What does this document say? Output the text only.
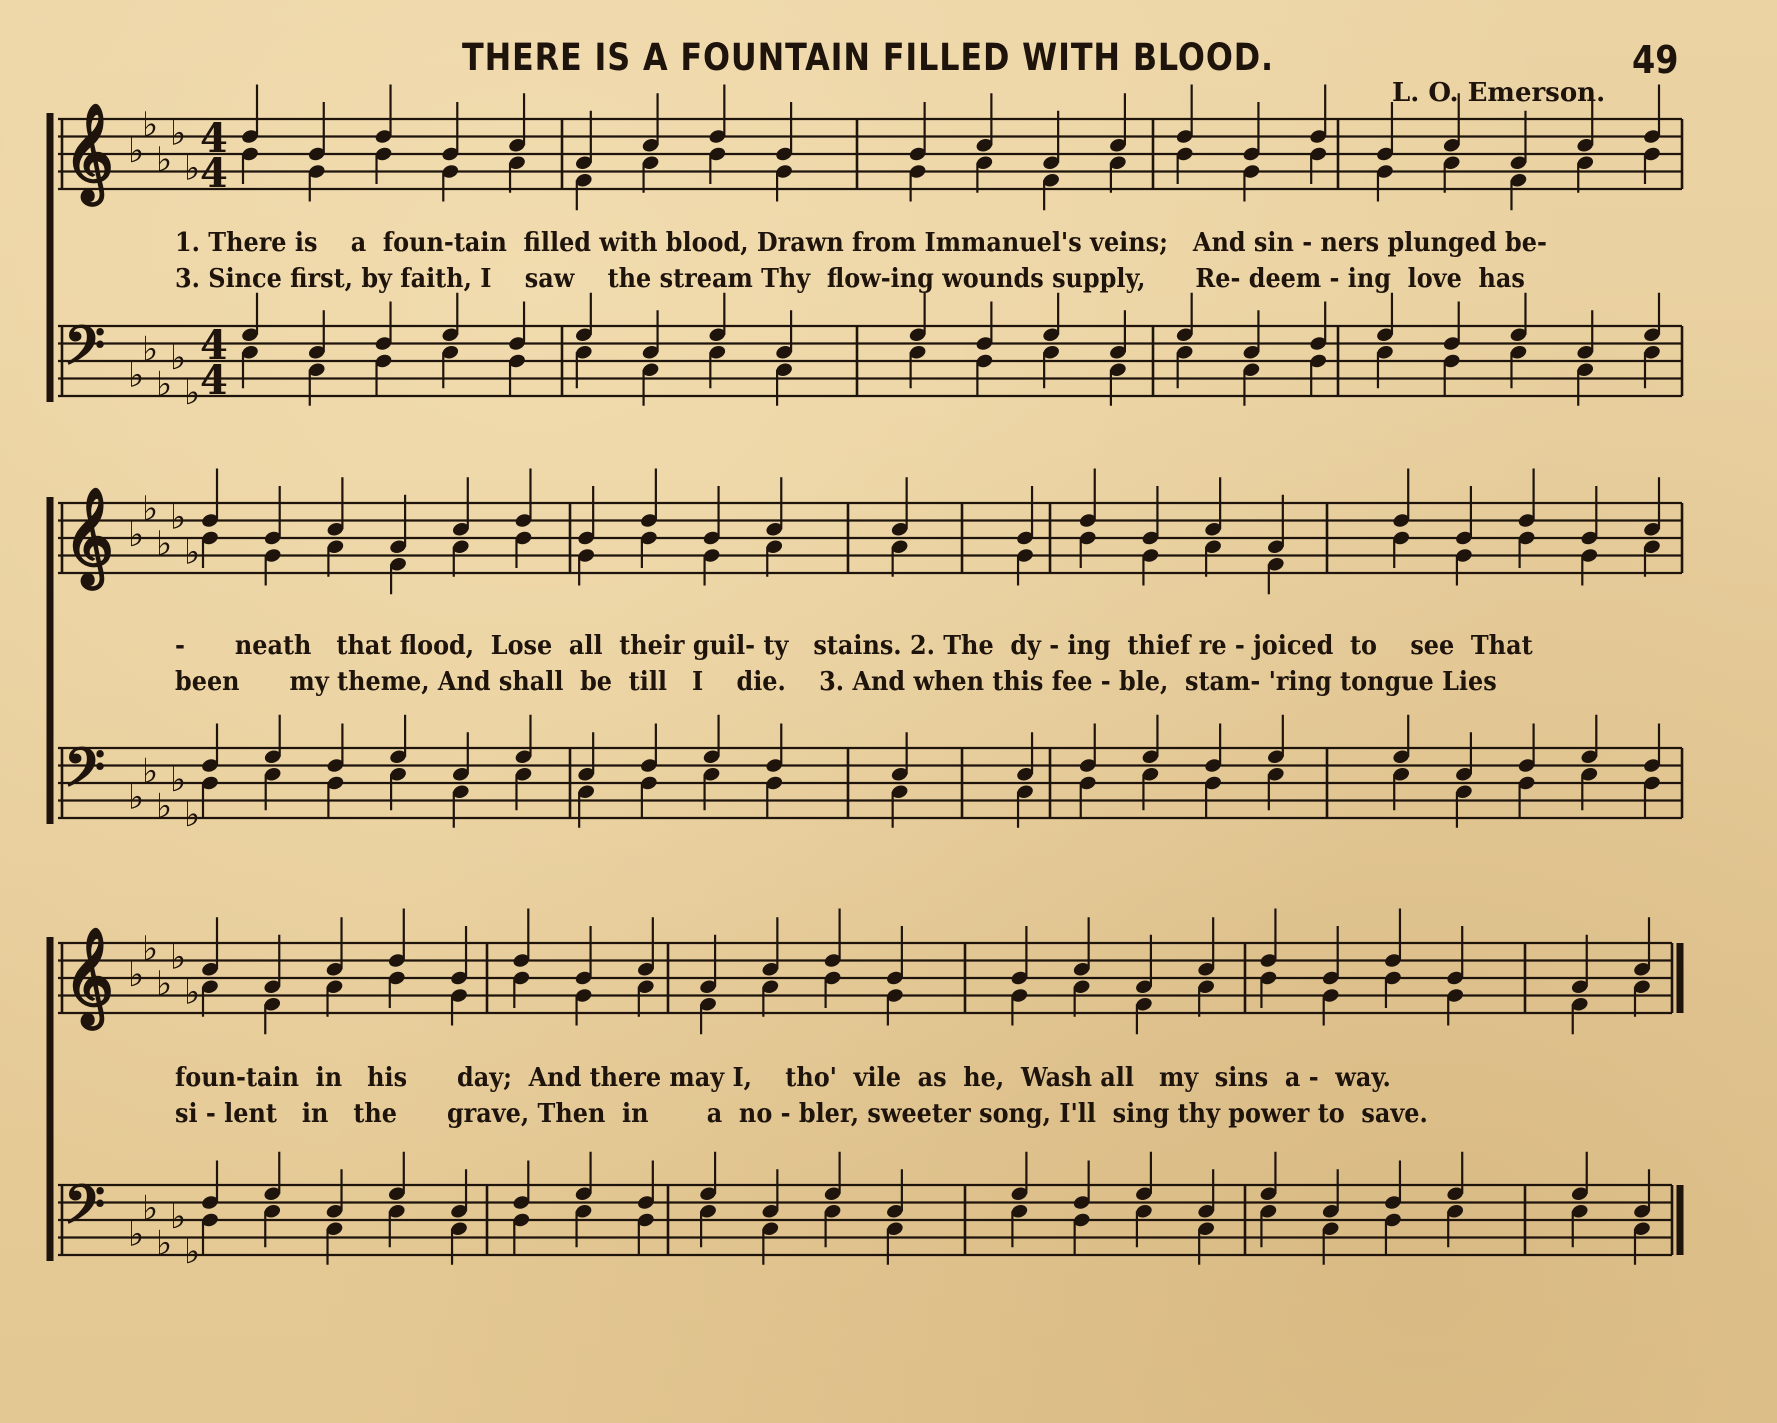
THERE IS A FOUNTAIN FILLED WITH BLOOD.	49
L. O. Emerson.
𝄞 ♭
♭
♭
♭
♭
4
4
𝄢 ♭
♭
♭
♭
♭
4
4
𝄞 ♭
♭
♭
♭
♭
𝄢 ♭
♭
♭
♭
♭
𝄞 ♭
♭
♭
♭
♭
𝄢 ♭
♭
♭
♭
♭
1. There is    a  foun-tain  filled with blood, Drawn from Immanuel's veins;   And sin - ners plunged be-
3. Since first, by faith, I    saw    the stream Thy  flow-ing wounds supply,      Re- deem - ing  love  has
-      neath   that flood,  Lose  all  their guil- ty   stains. 2. The  dy - ing  thief re - joiced  to    see  That
been      my theme, And shall  be  till   I    die.    3. And when this fee - ble,  stam- 'ring tongue Lies
foun-tain  in   his      day;  And there may I,    tho'  vile  as  he,  Wash all   my  sins  a -  way.
si - lent   in   the      grave, Then  in       a  no - bler, sweeter song, I'll  sing thy power to  save.
